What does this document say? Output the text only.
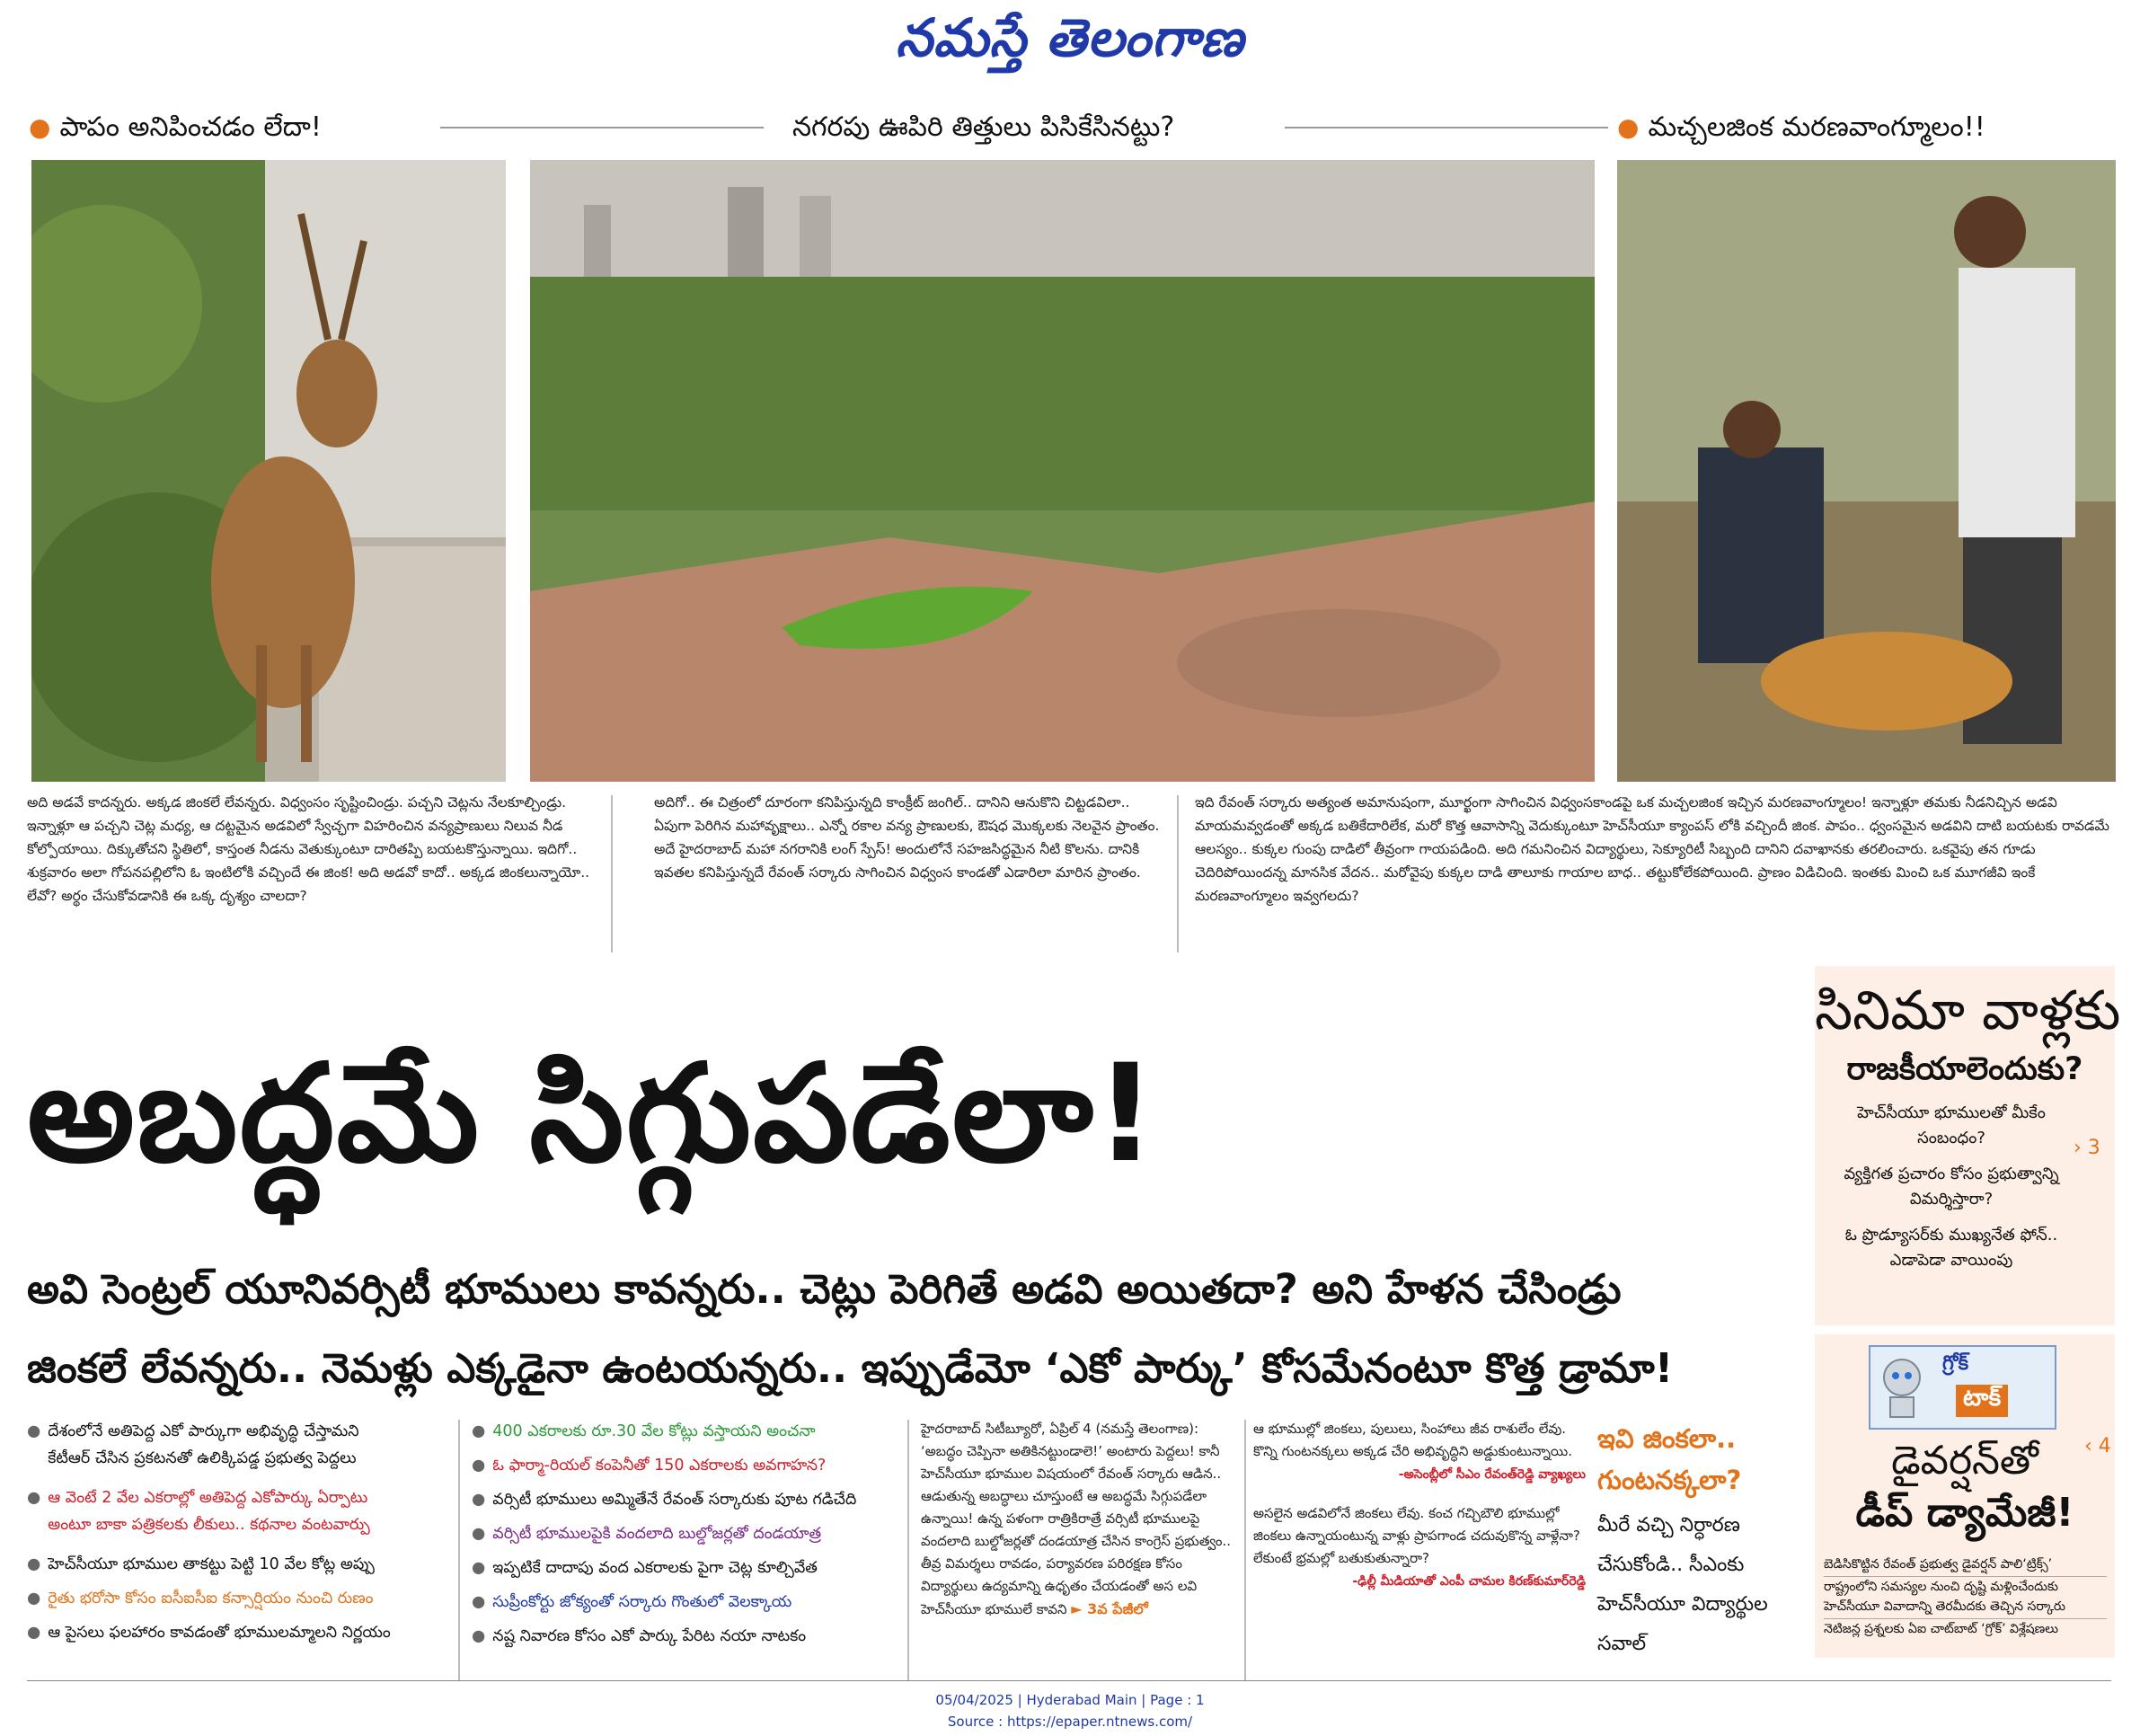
నమస్తే తెలంగాణ
● పాపం అనిపించడం లేదా!	నగరపు ఊపిరి తిత్తులు పిసికేసినట్టు?	● మచ్చలజింక మరణవాంగ్మూలం!!
అది అడవే కాదన్నరు. అక్కడ జింకలే లేవన్నరు. విధ్వంసం సృష్టించిండ్రు. పచ్చని చెట్లను నేలకూల్చిండ్రు. ఇన్నాళ్లూ ఆ పచ్చని చెట్ల మధ్య, ఆ దట్టమైన అడవిలో స్వేచ్ఛగా విహరించిన వన్యప్రాణులు నిలువ నీడ కోల్పోయాయి. దిక్కుతోచని స్థితిలో, కాస్తంత నీడను వెతుక్కుంటూ దారితప్పి బయటకొస్తున్నాయి. ఇదిగో.. శుక్రవారం అలా గోపనపల్లిలోని ఓ ఇంటిలోకి వచ్చిందే ఈ జింక! అది అడవో కాదో.. అక్కడ జింకలున్నాయో.. లేవో? అర్థం చేసుకోవడానికి ఈ ఒక్క దృశ్యం చాలదా?
అదిగో.. ఈ చిత్రంలో దూరంగా కనిపిస్తున్నది కాంక్రీట్ జంగిల్.. దానిని ఆనుకొని చిట్టడవిలా.. ఏపుగా పెరిగిన మహావృక్షాలు.. ఎన్నో రకాల వన్య ప్రాణులకు, ఔషధ మొక్కలకు నెలవైన ప్రాంతం. అదే హైదరాబాద్ మహా నగరానికి లంగ్ స్పేస్! అందులోనే సహజసిద్ధమైన నీటి కొలను. దానికి ఇవతల కనిపిస్తున్నదే రేవంత్ సర్కారు సాగించిన విధ్వంస కాండతో ఎడారిలా మారిన ప్రాంతం.
ఇది రేవంత్ సర్కారు అత్యంత అమానుషంగా, మూర్ఖంగా సాగించిన విధ్వంసకాండపై ఒక మచ్చలజింక ఇచ్చిన మరణవాంగ్మూలం! ఇన్నాళ్లూ తమకు నీడనిచ్చిన అడవి మాయమవ్వడంతో అక్కడ బతికేదారిలేక, మరో కొత్త ఆవాసాన్ని వెదుక్కుంటూ హెచ్‌సీయూ క్యాంపస్ లోకి వచ్చిందీ జింక. పాపం.. ధ్వంసమైన అడవిని దాటి బయటకు రావడమే ఆలస్యం.. కుక్కల గుంపు దాడిలో తీవ్రంగా గాయపడింది. అది గమనించిన విద్యార్థులు, సెక్యూరిటీ సిబ్బంది దానిని దవాఖానకు తరలించారు. ఒకవైపు తన గూడు చెదిరిపోయిందన్న మానసిక వేదన.. మరోవైపు కుక్కల దాడి తాలూకు గాయాల బాధ.. తట్టుకోలేకపోయింది. ప్రాణం విడిచింది. ఇంతకు మించి ఒక మూగజీవి ఇంకే మరణవాంగ్మూలం ఇవ్వగలదు?
అబద్ధమే సిగ్గుపడేలా!
అవి సెంట్రల్ యూనివర్సిటీ భూములు కావన్నరు.. చెట్లు పెరిగితే అడవి అయితదా? అని హేళన చేసిండ్రు
జింకలే లేవన్నరు.. నెమళ్లు ఎక్కడైనా ఉంటయన్నరు.. ఇప్పుడేమో ‘ఎకో పార్కు’ కోసమేనంటూ కొత్త డ్రామా!
● దేశంలోనే అతిపెద్ద ఎకో పార్కుగా అభివృద్ధి చేస్తామని
కేటీఆర్ చేసిన ప్రకటనతో ఉలిక్కిపడ్డ ప్రభుత్వ పెద్దలు
● ఆ వెంటే 2 వేల ఎకరాల్లో అతిపెద్ద ఎకోపార్కు ఏర్పాటు
అంటూ బాకా పత్రికలకు లీకులు.. కథనాల వంటవార్పు
● హెచ్‌సీయూ భూముల తాకట్టు పెట్టి 10 వేల కోట్ల అప్పు
● రైతు భరోసా కోసం ఐసీఐసీఐ కన్సార్షియం నుంచి రుణం
● ఆ పైసలు ఫలహారం కావడంతో భూములమ్మాలని నిర్ణయం
● 400 ఎకరాలకు రూ.30 వేల కోట్లు వస్తాయని అంచనా
● ఓ ఫార్మా-రియల్ కంపెనీతో 150 ఎకరాలకు అవగాహన?
● వర్సిటీ భూములు అమ్మితేనే రేవంత్ సర్కారుకు పూట గడిచేది
● వర్సిటీ భూములపైకి వందలాది బుల్డోజర్లతో దండయాత్ర
● ఇప్పటికే దాదాపు వంద ఎకరాలకు పైగా చెట్ల కూల్చివేత
● సుప్రీంకోర్టు జోక్యంతో సర్కారు గొంతులో వెలక్కాయ
● నష్ట నివారణ కోసం ఎకో పార్కు పేరిట నయా నాటకం
హైదరాబాద్ సిటీబ్యూరో, ఏప్రిల్ 4 (నమస్తే తెలంగాణ): ‘అబద్ధం చెప్పినా అతికినట్టుండాలె!’ అంటారు పెద్దలు! కానీ హెచ్‌సీయూ భూముల విషయంలో రేవంత్ సర్కారు ఆడిన.. ఆడుతున్న అబద్ధాలు చూస్తుంటే ఆ అబద్ధమే సిగ్గుపడేలా ఉన్నాయి! ఉన్న పళంగా రాత్రికిరాత్రే వర్సిటీ భూములపై వందలాది బుల్డోజర్లతో దండయాత్ర చేసిన కాంగ్రెస్ ప్రభుత్వం.. తీవ్ర విమర్శలు రావడం, పర్యావరణ పరిరక్షణ కోసం విద్యార్థులు ఉద్యమాన్ని ఉధృతం చేయడంతో అస లవి హెచ్‌సీయూ భూములే కావని ► 3వ పేజీలో
ఆ భూముల్లో జింకలు, పులులు, సింహాలు జీవ రాశులేం లేవు. కొన్ని గుంటనక్కలు అక్కడ చేరి అభివృద్ధిని అడ్డుకుంటున్నాయి.
-అసెంబ్లీలో సీఎం రేవంత్‌రెడ్డి వ్యాఖ్యలు
అసలైన అడవిలోనే జింకలు లేవు. కంచ గచ్చిబౌలి భూముల్లో జింకలు ఉన్నాయంటున్న వాళ్లు ప్రాపగాండ చదువుకొన్న వాళ్లేనా? లేకుంటే భ్రమల్లో బతుకుతున్నారా?
-ఢిల్లీ మీడియాతో ఎంపీ చామల కిరణ్‌కుమార్‌రెడ్డి
ఇవి జింకలా.. గుంటనక్కలా?
మీరే వచ్చి నిర్ధారణ చేసుకోండి.. సీఎంకు హెచ్‌సీయూ విద్యార్థుల సవాల్
సినిమా వాళ్లకు
రాజకీయాలెందుకు?
హెచ్‌సీయూ భూములతో మీకేం సంబంధం?
వ్యక్తిగత ప్రచారం కోసం ప్రభుత్వాన్ని విమర్శిస్తారా?
ఓ ప్రొడ్యూసర్‌కు ముఖ్యనేత ఫోన్.. ఎడాపెడా వాయింపు
› 3
గ్రోక్
టాక్
డైవర్షన్‌తో
డీప్ డ్యామేజీ!
‹ 4
బెడిసికొట్టిన రేవంత్ ప్రభుత్వ డైవర్షన్ పాలి‘ట్రిక్స్’
రాష్ట్రంలోని సమస్యల నుంచి దృష్టి మళ్లించేందుకు హెచ్‌సీయూ వివాదాన్ని తెరమీదకు తెచ్చిన సర్కారు
నెటిజన్ల ప్రశ్నలకు ఏఐ చాట్‌బాట్ ‘గ్రోక్’ విశ్లేషణలు
05/04/2025 | Hyderabad Main | Page : 1
Source : https://epaper.ntnews.com/
